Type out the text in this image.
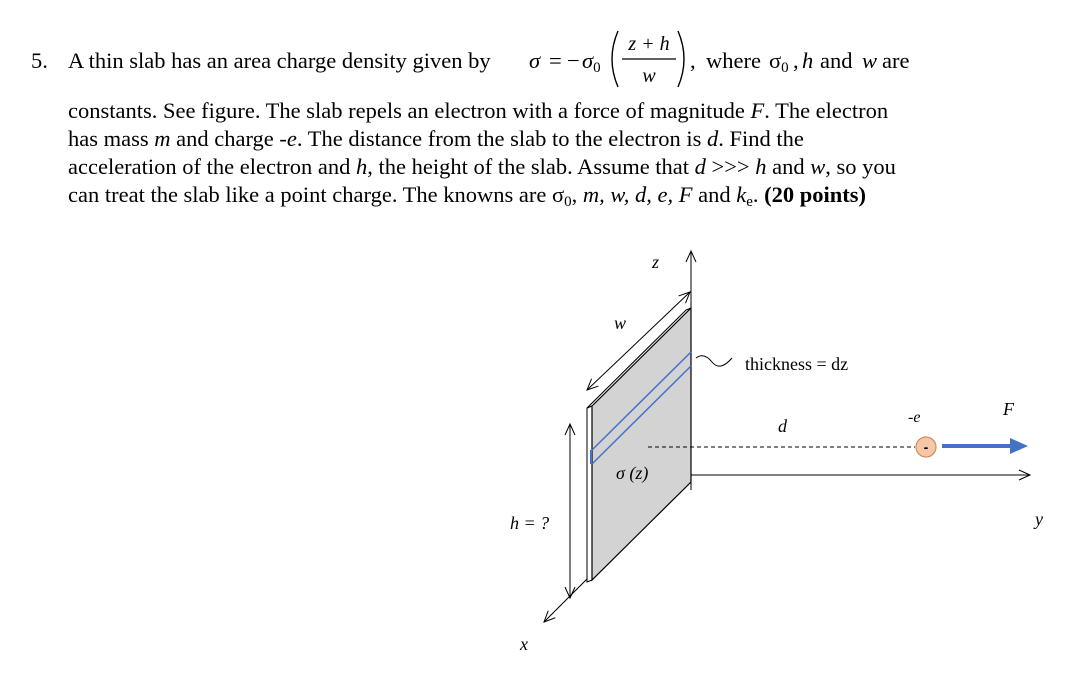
5. A thin slab has an area charge density given by σ = − $\sigma_0$
z + h
w
, where $\sigma_0$ , h and w are
constants. See figure. The slab repels an electron with a force of magnitude F. The electron
has mass m and charge -e. The distance from the slab to the electron is d. Find the
acceleration of the electron and h, the height of the slab. Assume that d >>> h and w, so you
can treat the slab like a point charge. The knowns are $\sigma_0$, m, w, d, e, F and $k_e$. (20 points)
-
z
w
thickness = dz
d	-e	F
σ (z)
h = ?	y
x
